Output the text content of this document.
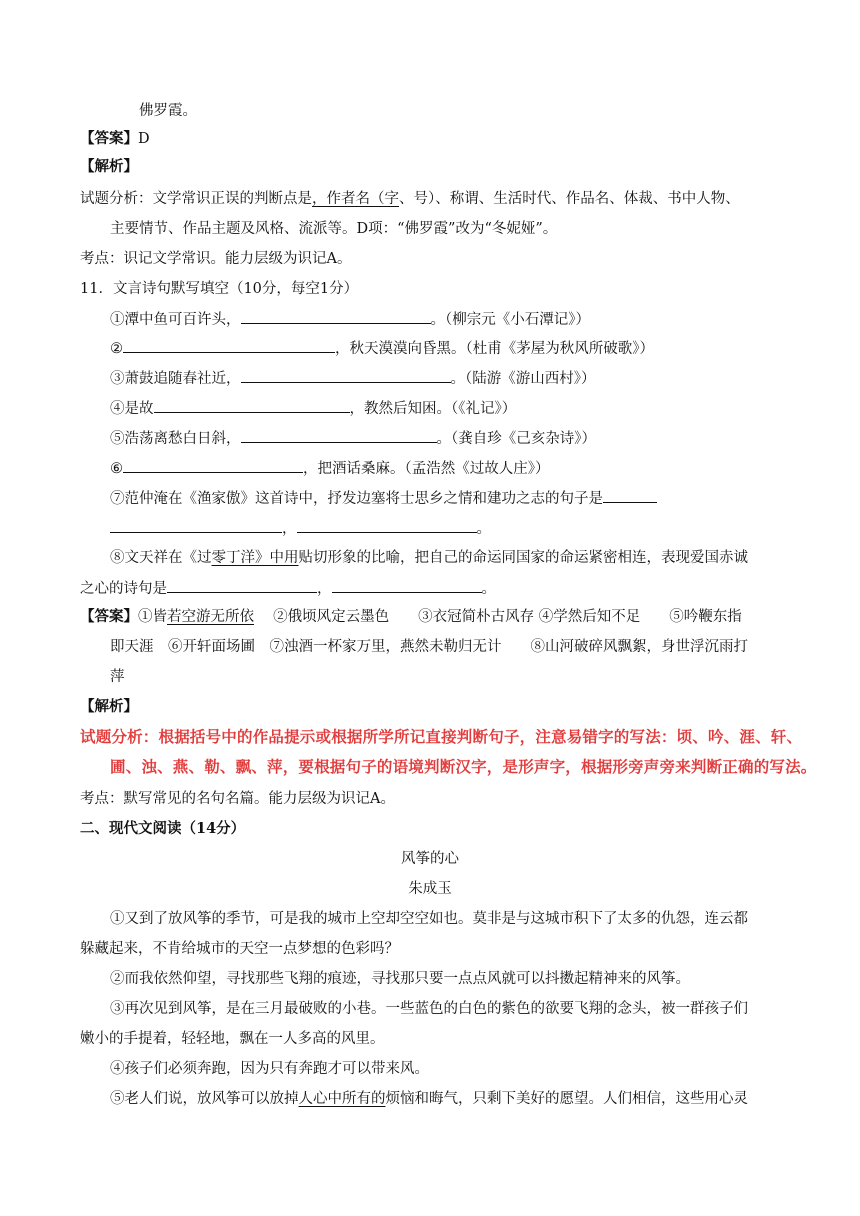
佛罗霞。
【答案】D
【解析】
试题分析：文学常识正误的判断点是，作者名（字、号）、称谓、生活时代、作品名、体裁、书中人物、
主要情节、作品主题及风格、流派等。D项：“佛罗霞”改为“冬妮娅”。
考点：识记文学常识。能力层级为识记A。
11．文言诗句默写填空（10分，每空1分）
①潭中鱼可百许头，	。（柳宗元《小石潭记》）
②	，秋天漠漠向昏黑。（杜甫《茅屋为秋风所破歌》）
③萧鼓追随春社近，	。（陆游《游山西村》）
④是故	，教然后知困。（《礼记》）
⑤浩荡离愁白日斜，	。（龚自珍《己亥杂诗》）
⑥	，把酒话桑麻。（孟浩然《过故人庄》）
⑦范仲淹在《渔家傲》这首诗中，抒发边塞将士思乡之情和建功之志的句子是
，	。
⑧文天祥在《过零丁洋》中用贴切形象的比喻，把自己的命运同国家的命运紧密相连，表现爱国赤诚
之心的诗句是	，	。
【答案】①皆若空游无所依　 ②俄顷风定云墨色　　③衣冠简朴古风存 ④学然后知不足　　⑤吟鞭东指
即天涯　⑥开轩面场圃　⑦浊酒一杯家万里，燕然未勒归无计　　⑧山河破碎风飘絮，身世浮沉雨打
萍
【解析】
试题分析：根据括号中的作品提示或根据所学所记直接判断句子，注意易错字的写法：顷、吟、涯、轩、
圃、浊、燕、勒、飘、萍，要根据句子的语境判断汉字，是形声字，根据形旁声旁来判断正确的写法。
考点：默写常见的名句名篇。能力层级为识记A。
二、现代文阅读（14分）
风筝的心
朱成玉
①又到了放风筝的季节，可是我的城市上空却空空如也。莫非是与这城市积下了太多的仇怨，连云都
躲藏起来，不肯给城市的天空一点梦想的色彩吗？
②而我依然仰望，寻找那些飞翔的痕迹，寻找那只要一点点风就可以抖擞起精神来的风筝。
③再次见到风筝，是在三月最破败的小巷。一些蓝色的白色的紫色的欲要飞翔的念头，被一群孩子们
嫩小的手提着，轻轻地，飘在一人多高的风里。
④孩子们必须奔跑，因为只有奔跑才可以带来风。
⑤老人们说，放风筝可以放掉人心中所有的烦恼和晦气，只剩下美好的愿望。人们相信，这些用心灵
